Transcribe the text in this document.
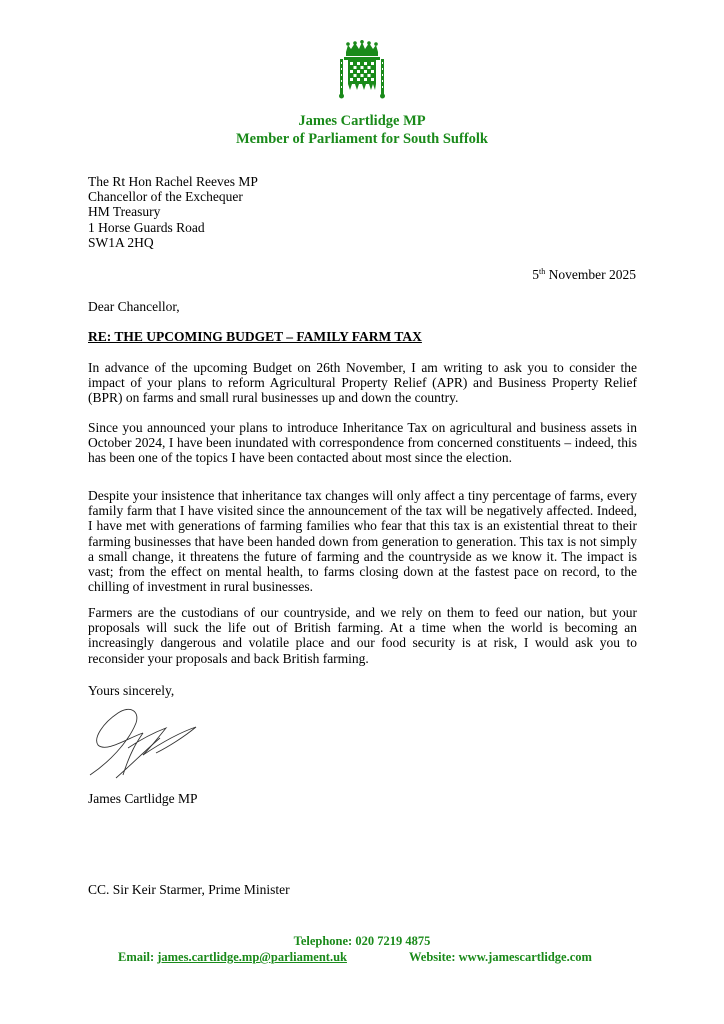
James Cartlidge MP
Member of Parliament for South Suffolk
The Rt Hon Rachel Reeves MP
Chancellor of the Exchequer
HM Treasury
1 Horse Guards Road
SW1A 2HQ
5th November 2025
Dear Chancellor,
RE: THE UPCOMING BUDGET – FAMILY FARM TAX

In advance of the upcoming Budget on 26th November, I am writing to ask you to consider the impact of your plans to reform Agricultural Property Relief (APR) and Business Property Relief (BPR) on farms and small rural businesses up and down the country.

Since you announced your plans to introduce Inheritance Tax on agricultural and business assets in October 2024, I have been inundated with correspondence from concerned constituents – indeed, this has been one of the topics I have been contacted about most since the election.

Despite your insistence that inheritance tax changes will only affect a tiny percentage of farms, every family farm that I have visited since the announcement of the tax will be negatively affected. Indeed, I have met with generations of farming families who fear that this tax is an existential threat to their farming businesses that have been handed down from generation to generation. This tax is not simply a small change, it threatens the future of farming and the countryside as we know it. The impact is vast; from the effect on mental health, to farms closing down at the fastest pace on record, to the chilling of investment in rural businesses.

Farmers are the custodians of our countryside, and we rely on them to feed our nation, but your proposals will suck the life out of British farming. At a time when the world is becoming an increasingly dangerous and volatile place and our food security is at risk, I would ask you to reconsider your proposals and back British farming.

Yours sincerely,
James Cartlidge MP
CC. Sir Keir Starmer, Prime Minister
Telephone: 020 7219 4875
Email: james.cartlidge.mp@parliament.uk	Website: www.jamescartlidge.com
